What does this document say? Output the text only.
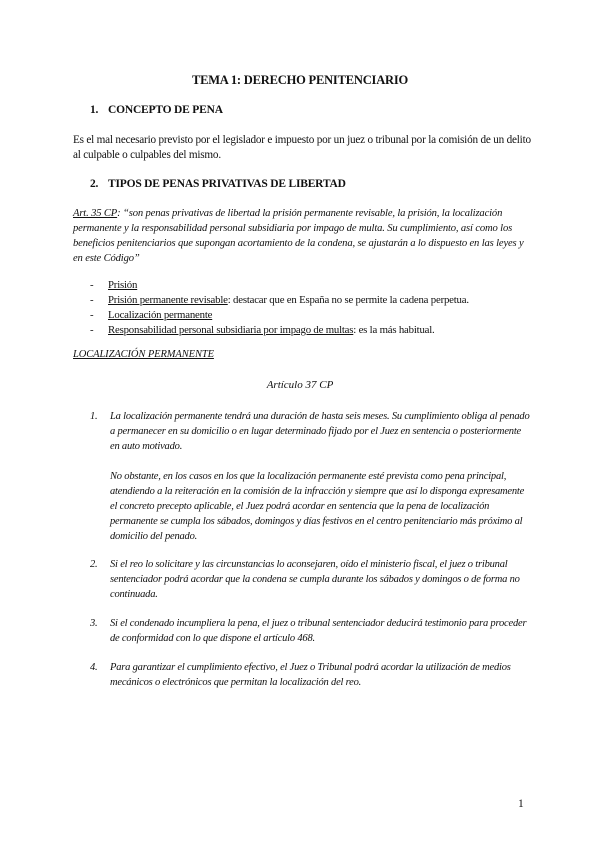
TEMA 1: DERECHO PENITENCIARIO
1. CONCEPTO DE PENA
Es el mal necesario previsto por el legislador e impuesto por un juez o tribunal por la comisión de un delito al culpable o culpables del mismo.
2. TIPOS DE PENAS PRIVATIVAS DE LIBERTAD
Art. 35 CP: “son penas privativas de libertad la prisión permanente revisable, la prisión, la localización permanente y la responsabilidad personal subsidiaria por impago de multa. Su cumplimiento, así como los beneficios penitenciarios que supongan acortamiento de la condena, se ajustarán a lo dispuesto en las leyes y en este Código”
- Prisión
- Prisión permanente revisable: destacar que en España no se permite la cadena perpetua.
- Localización permanente
- Responsabilidad personal subsidiaria por impago de multas: es la más habitual.
LOCALIZACIÓN PERMANENTE
Artículo 37 CP
1. La localización permanente tendrá una duración de hasta seis meses. Su cumplimiento obliga al penado a permanecer en su domicilio o en lugar determinado fijado por el Juez en sentencia o posteriormente en auto motivado.
No obstante, en los casos en los que la localización permanente esté prevista como pena principal, atendiendo a la reiteración en la comisión de la infracción y siempre que así lo disponga expresamente el concreto precepto aplicable, el Juez podrá acordar en sentencia que la pena de localización permanente se cumpla los sábados, domingos y días festivos en el centro penitenciario más próximo al domicilio del penado.
2. Si el reo lo solicitare y las circunstancias lo aconsejaren, oído el ministerio fiscal, el juez o tribunal sentenciador podrá acordar que la condena se cumpla durante los sábados y domingos o de forma no continuada.
3. Si el condenado incumpliera la pena, el juez o tribunal sentenciador deducirá testimonio para proceder de conformidad con lo que dispone el artículo 468.
4. Para garantizar el cumplimiento efectivo, el Juez o Tribunal podrá acordar la utilización de medios mecánicos o electrónicos que permitan la localización del reo.
1
